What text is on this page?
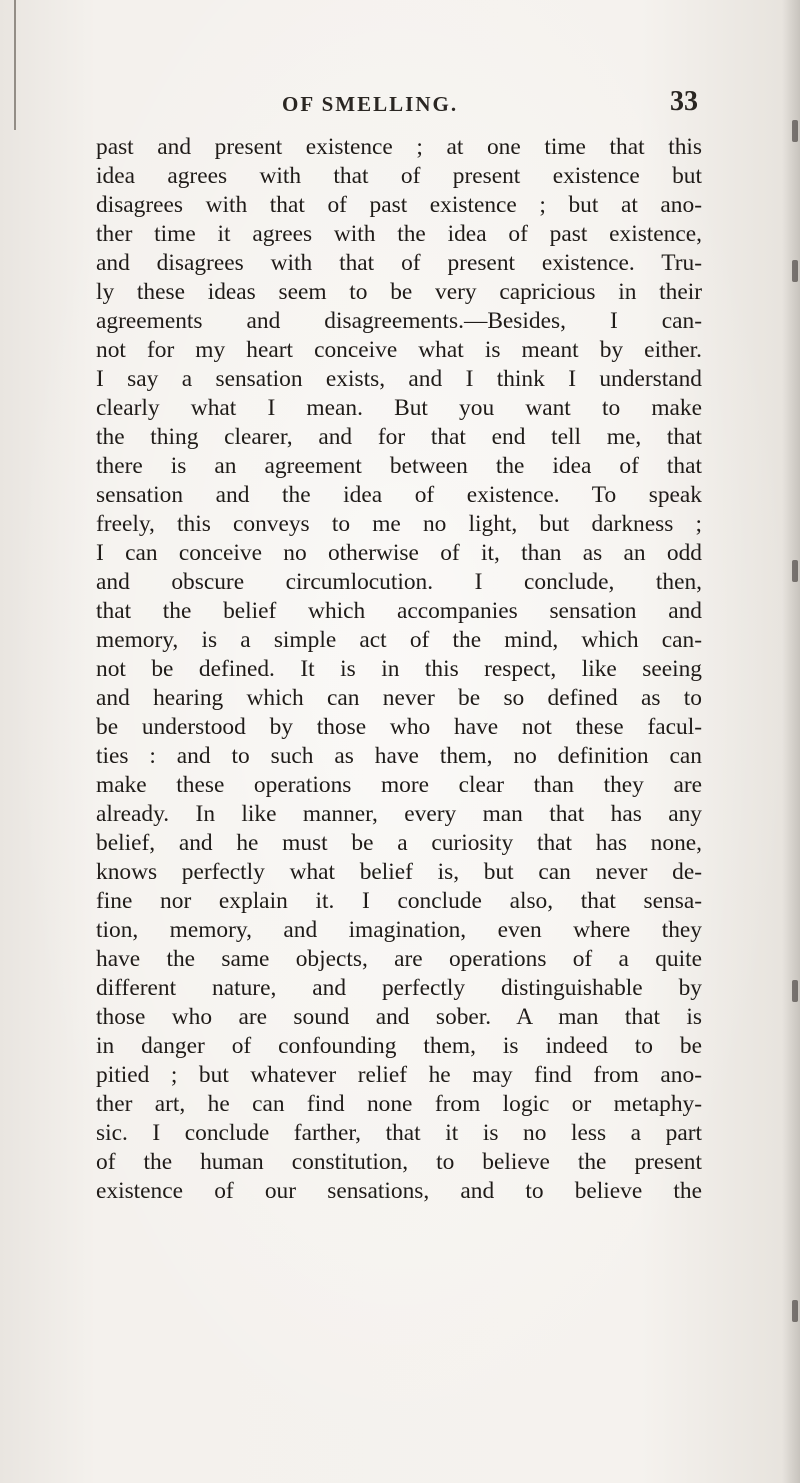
OF SMELLING.	33
past and present existence ; at one time that this
idea agrees with that of present existence but
disagrees with that of past existence ; but at ano-
ther time it agrees with the idea of past existence,
and disagrees with that of present existence. Tru-
ly these ideas seem to be very capricious in their
agreements and disagreements.—Besides, I can-
not for my heart conceive what is meant by either.
I say a sensation exists, and I think I understand
clearly what I mean. But you want to make
the thing clearer, and for that end tell me, that
there is an agreement between the idea of that
sensation and the idea of existence. To speak
freely, this conveys to me no light, but darkness ;
I can conceive no otherwise of it, than as an odd
and obscure circumlocution. I conclude, then,
that the belief which accompanies sensation and
memory, is a simple act of the mind, which can-
not be defined. It is in this respect, like seeing
and hearing which can never be so defined as to
be understood by those who have not these facul-
ties : and to such as have them, no definition can
make these operations more clear than they are
already. In like manner, every man that has any
belief, and he must be a curiosity that has none,
knows perfectly what belief is, but can never de-
fine nor explain it. I conclude also, that sensa-
tion, memory, and imagination, even where they
have the same objects, are operations of a quite
different nature, and perfectly distinguishable by
those who are sound and sober. A man that is
in danger of confounding them, is indeed to be
pitied ; but whatever relief he may find from ano-
ther art, he can find none from logic or metaphy-
sic. I conclude farther, that it is no less a part
of the human constitution, to believe the present
existence of our sensations, and to believe the
